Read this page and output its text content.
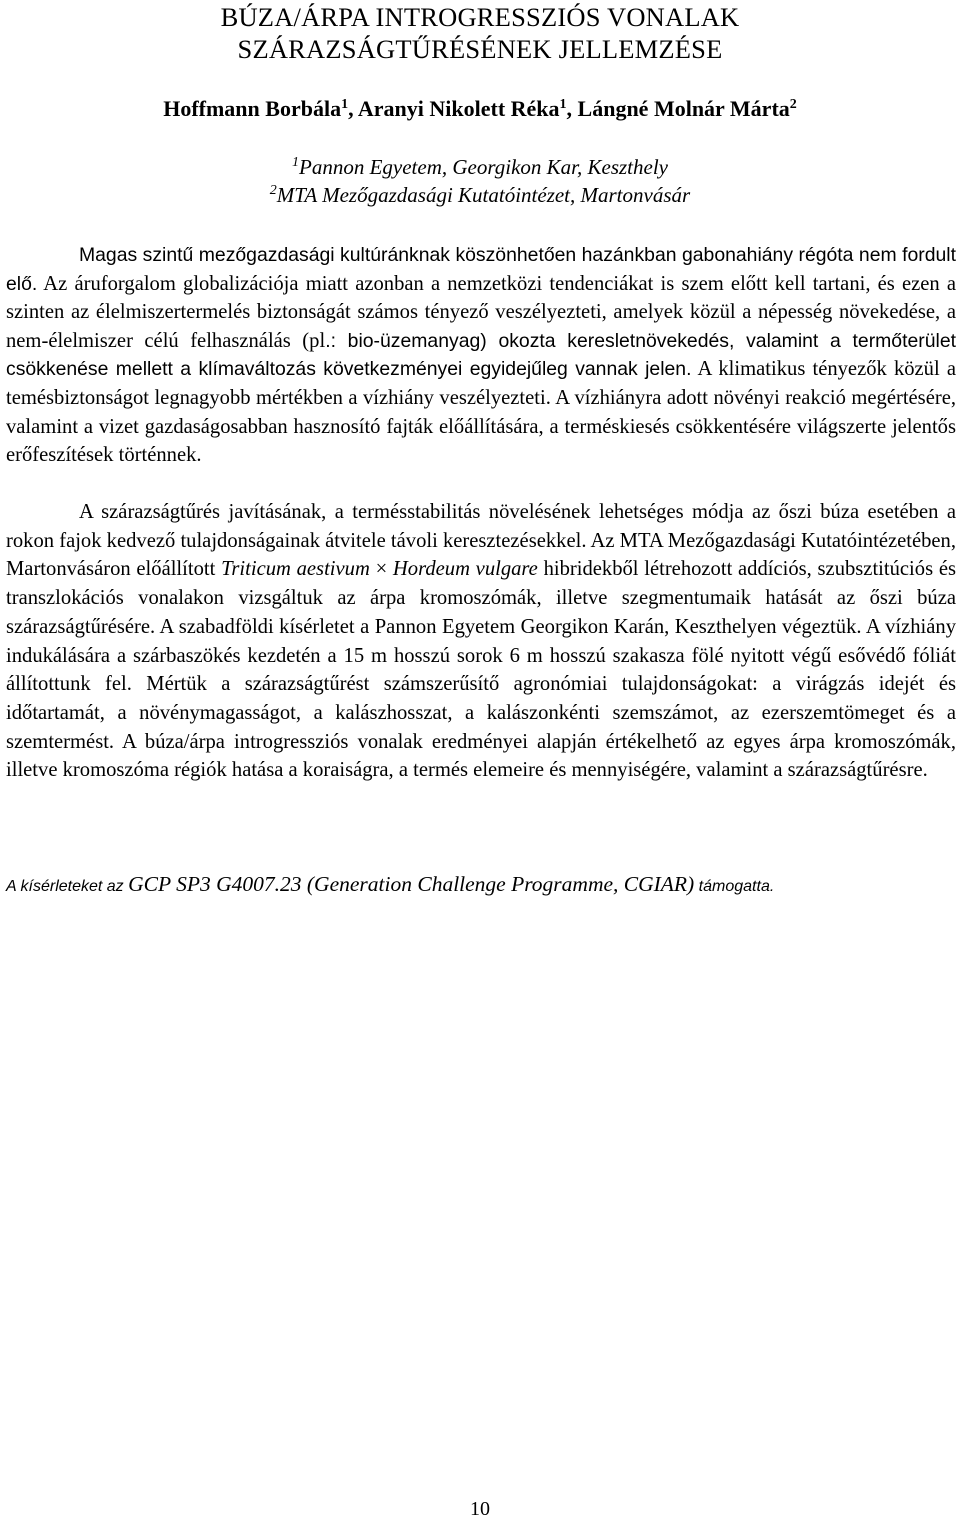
BÚZA/ÁRPA INTROGRESSZIÓS VONALAK
SZÁRAZSÁGTŰRÉSÉNEK JELLEMZÉSE

Hoffmann Borbála$^1$, Aranyi Nikolett Réka$^1$, Lángné Molnár Márta$^2$

$^1$Pannon Egyetem, Georgikon Kar, Keszthely

$^2$MTA Mezőgazdasági Kutatóintézet, Martonvásár

Magas szintű mezőgazdasági kultúránknak köszönhetően hazánkban gabonahiány régóta nem fordult elő. Az áruforgalom globalizációja miatt azonban a nemzetközi tendenciákat is szem előtt kell tartani, és ezen a szinten az élelmiszertermelés biztonságát számos tényező veszélyezteti, amelyek közül a népesség növekedése, a nem-élelmiszer célú felhasználás (pl.: bio-üzemanyag) okozta keresletnövekedés, valamint a termőterület csökkenése mellett a klímaváltozás következményei egyidejűleg vannak jelen. A klimatikus tényezők közül a temésbiztonságot legnagyobb mértékben a vízhiány veszélyezteti. A vízhiányra adott növényi reakció megértésére, valamint a vizet gazdaságosabban hasznosító fajták előállítására, a terméskiesés csökkentésére világszerte jelentős erőfeszítések történnek.

A szárazságtűrés javításának, a termésstabilitás növelésének lehetséges módja az őszi búza esetében a rokon fajok kedvező tulajdonságainak átvitele távoli keresztezésekkel. Az MTA Mezőgazdasági Kutatóintézetében, Martonvásáron előállított Triticum aestivum × Hordeum vulgare hibridekből létrehozott addíciós, szubsztitúciós és transzlokációs vonalakon vizsgáltuk az árpa kromoszómák, illetve szegmentumaik hatását az őszi búza szárazságtűrésére. A szabadföldi kísérletet a Pannon Egyetem Georgikon Karán, Keszthelyen végeztük. A vízhiány indukálására a szárbaszökés kezdetén a 15 m hosszú sorok 6 m hosszú szakasza fölé nyitott végű esővédő fóliát állítottunk fel. Mértük a szárazságtűrést számszerűsítő agronómiai tulajdonságokat: a virágzás idejét és időtartamát, a növénymagasságot, a kalászhosszat, a kalászonkénti szemszámot, az ezerszemtömeget és a szemtermést. A búza/árpa introgressziós vonalak eredményei alapján értékelhető az egyes árpa kromoszómák, illetve kromoszóma régiók hatása a koraiságra, a termés elemeire és mennyiségére, valamint a szárazságtűrésre.

A kísérleteket az GCP SP3 G4007.23 (Generation Challenge Programme, CGIAR) támogatta.

10
